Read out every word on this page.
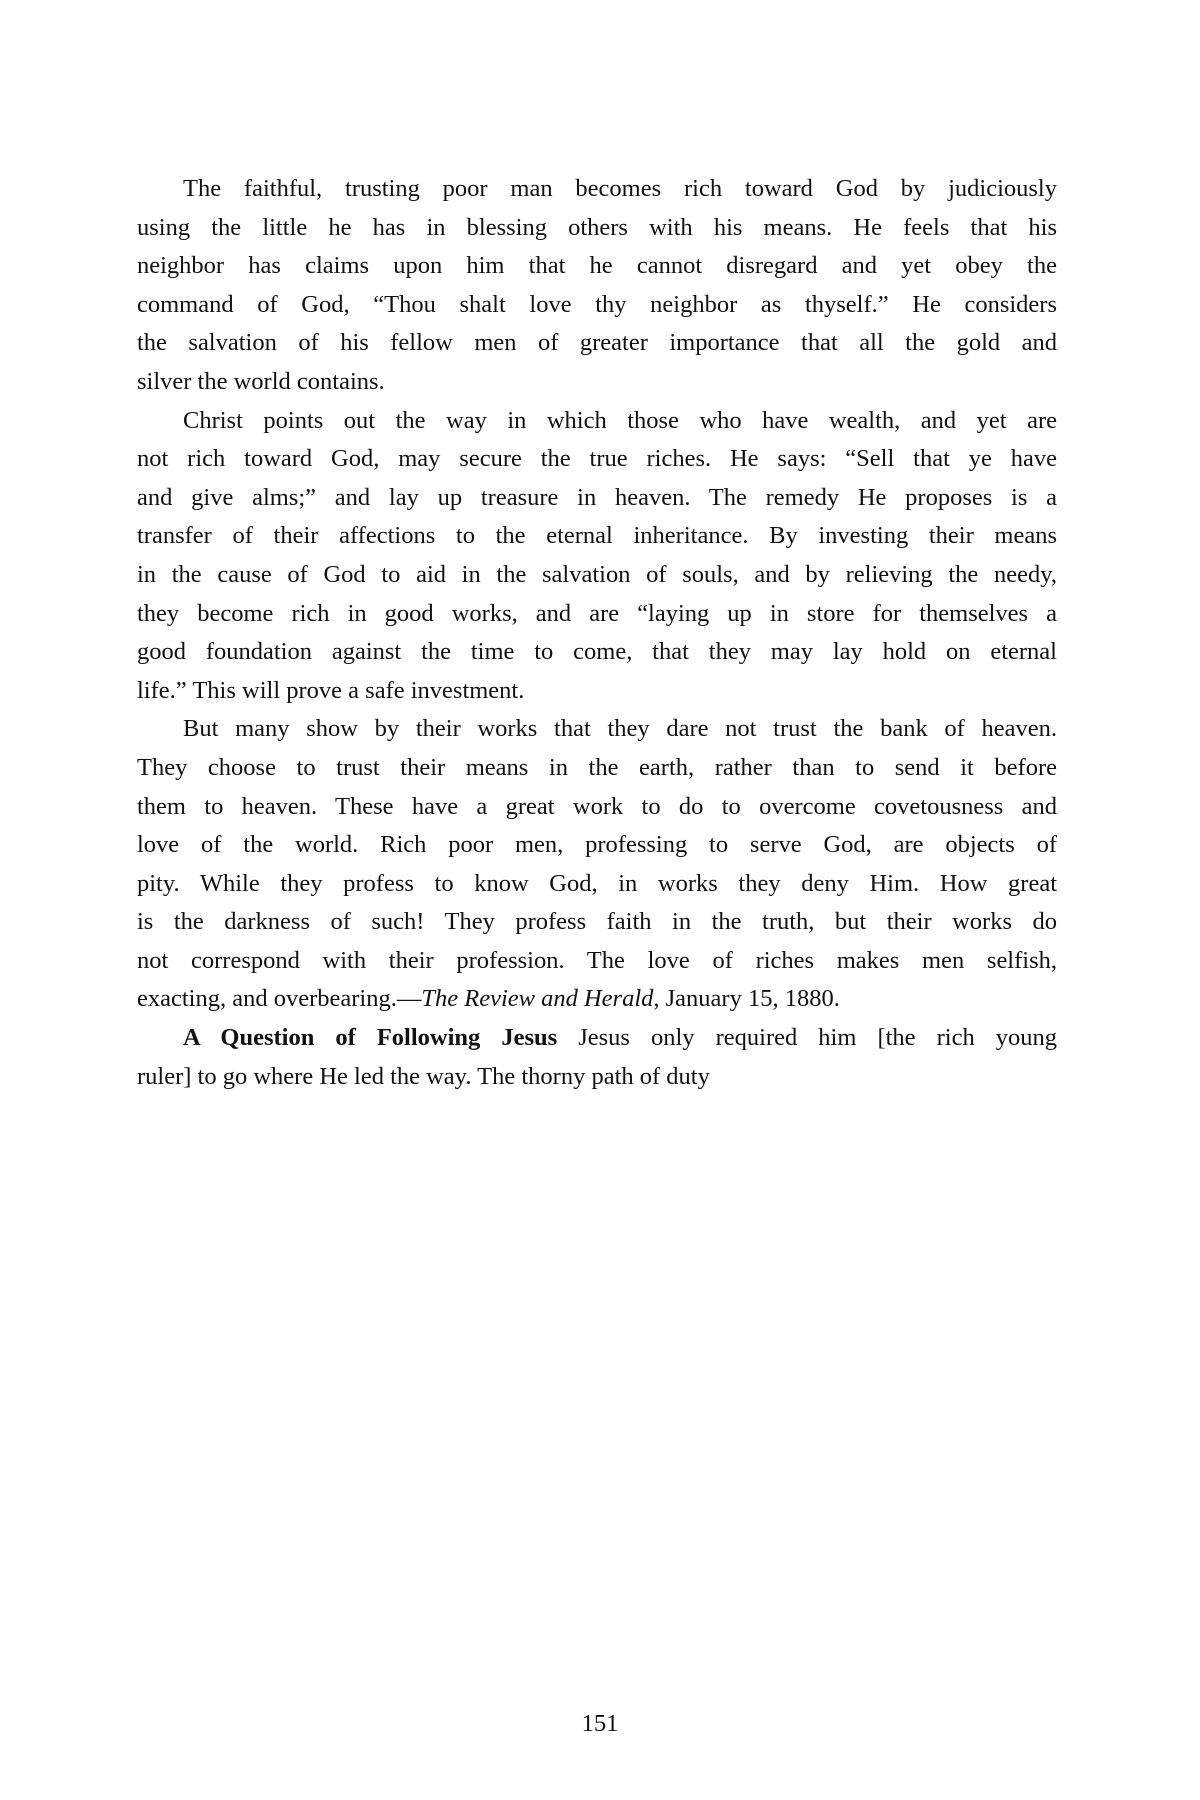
The faithful, trusting poor man becomes rich toward God by judiciously
using the little he has in blessing others with his means. He feels that his
neighbor has claims upon him that he cannot disregard and yet obey the
command of God, “Thou shalt love thy neighbor as thyself.” He considers
the salvation of his fellow men of greater importance that all the gold and
silver the world contains.
Christ points out the way in which those who have wealth, and yet are
not rich toward God, may secure the true riches. He says: “Sell that ye have
and give alms;” and lay up treasure in heaven. The remedy He proposes is a
transfer of their affections to the eternal inheritance. By investing their means
in the cause of God to aid in the salvation of souls, and by relieving the needy,
they become rich in good works, and are “laying up in store for themselves a
good foundation against the time to come, that they may lay hold on eternal
life.” This will prove a safe investment.
But many show by their works that they dare not trust the bank of heaven.
They choose to trust their means in the earth, rather than to send it before
them to heaven. These have a great work to do to overcome covetousness and
love of the world. Rich poor men, professing to serve God, are objects of
pity. While they profess to know God, in works they deny Him. How great
is the darkness of such! They profess faith in the truth, but their works do
not correspond with their profession. The love of riches makes men selfish,
exacting, and overbearing.—The Review and Herald, January 15, 1880.
A Question of Following Jesus Jesus only required him [the rich young
ruler] to go where He led the way. The thorny path of duty
151
